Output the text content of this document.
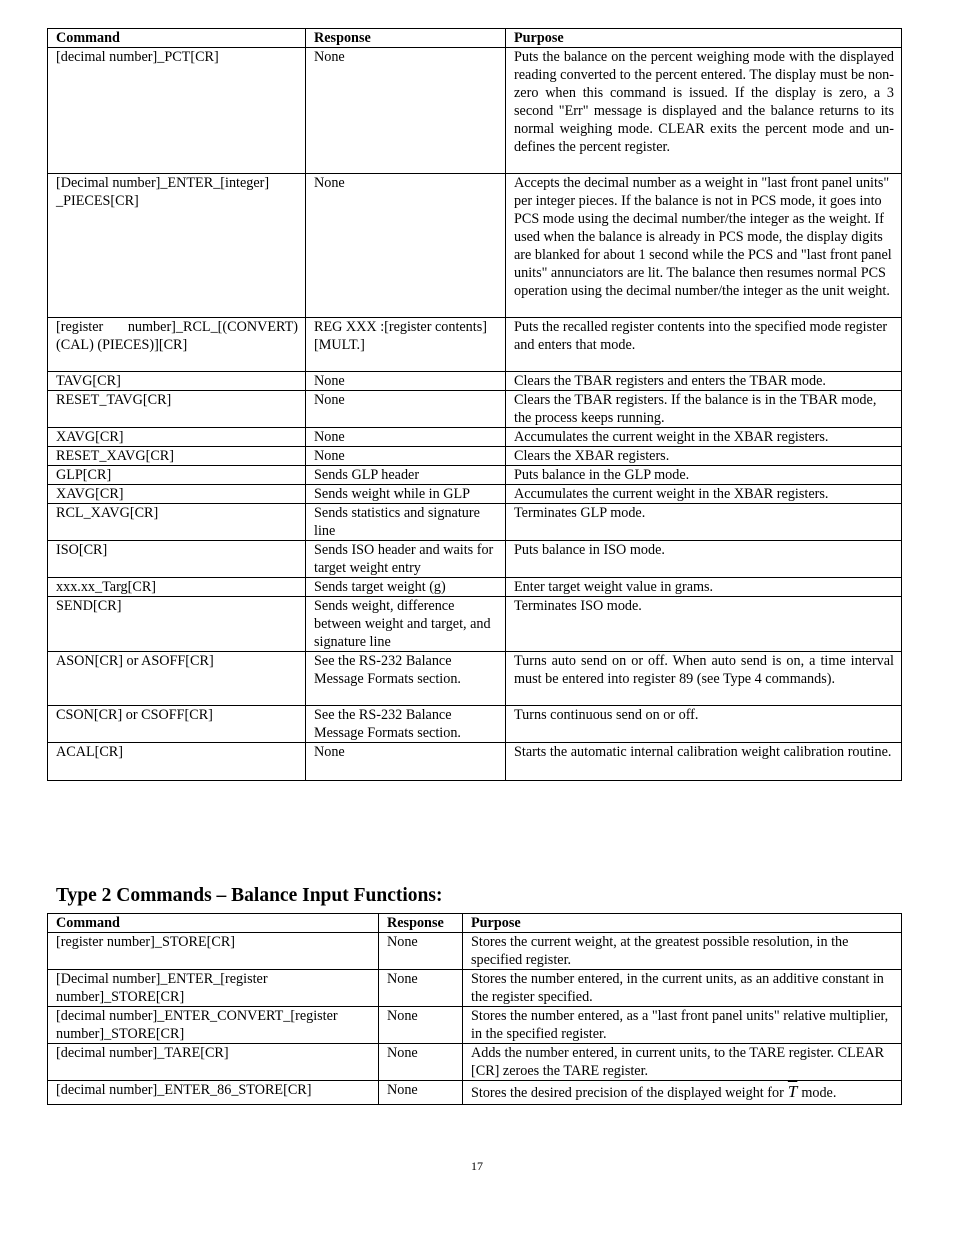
Command	Response	Purpose
[decimal number]_PCT[CR]	None	Puts the balance on the percent weighing mode with the displayed reading converted to the percent entered. The display must be non-zero when this command is issued. If the display is zero, a 3 second "Err" message is displayed and the balance returns to its normal weighing mode. CLEAR exits the percent mode and un-defines the percent register.
[Decimal number]_ENTER_[integer] _PIECES[CR]	None	Accepts the decimal number as a weight in "last front panel units" per integer pieces. If the balance is not in PCS mode, it goes into PCS mode using the decimal number/the integer as the weight. If used when the balance is already in PCS mode, the display digits are blanked for about 1 second while the PCS and "last front panel units" annunciators are lit. The balance then resumes normal PCS operation using the decimal number/the integer as the unit weight.
[register number]_RCL_[(CONVERT) (CAL) (PIECES)][CR]	REG XXX :[register contents][MULT.]	Puts the recalled register contents into the specified mode register and enters that mode.
TAVG[CR]	None	Clears the TBAR registers and enters the TBAR mode.
RESET_TAVG[CR]	None	Clears the TBAR registers. If the balance is in the TBAR mode, the process keeps running.
XAVG[CR]	None	Accumulates the current weight in the XBAR registers.
RESET_XAVG[CR]	None	Clears the XBAR registers.
GLP[CR]	Sends GLP header	Puts balance in the GLP mode.
XAVG[CR]	Sends weight while in GLP	Accumulates the current weight in the XBAR registers.
RCL_XAVG[CR]	Sends statistics and signature line	Terminates GLP mode.
ISO[CR]	Sends ISO header and waits for target weight entry	Puts balance in ISO mode.
xxx.xx_Targ[CR]	Sends target weight (g)	Enter target weight value in grams.
SEND[CR]	Sends weight, difference between weight and target, and signature line	Terminates ISO mode.
ASON[CR] or ASOFF[CR]	See the RS-232 Balance Message Formats section.	Turns auto send on or off. When auto send is on, a time interval must be entered into register 89 (see Type 4 commands).
CSON[CR] or CSOFF[CR]	See the RS-232 Balance Message Formats section.	Turns continuous send on or off.
ACAL[CR]	None	Starts the automatic internal calibration weight calibration routine.
Type 2 Commands – Balance Input Functions:
Command	Response	Purpose
[register number]_STORE[CR]	None	Stores the current weight, at the greatest possible resolution, in the specified register.
[Decimal number]_ENTER_[register number]_STORE[CR]	None	Stores the number entered, in the current units, as an additive constant in the register specified.
[decimal number]_ENTER_CONVERT_[register number]_STORE[CR]	None	Stores the number entered, as a "last front panel units" relative multiplier, in the specified register.
[decimal number]_TARE[CR]	None	Adds the number entered, in current units, to the TARE register. CLEAR [CR] zeroes the TARE register.
[decimal number]_ENTER_86_STORE[CR]	None	Stores the desired precision of the displayed weight for $\overline{T}$ mode.
17
